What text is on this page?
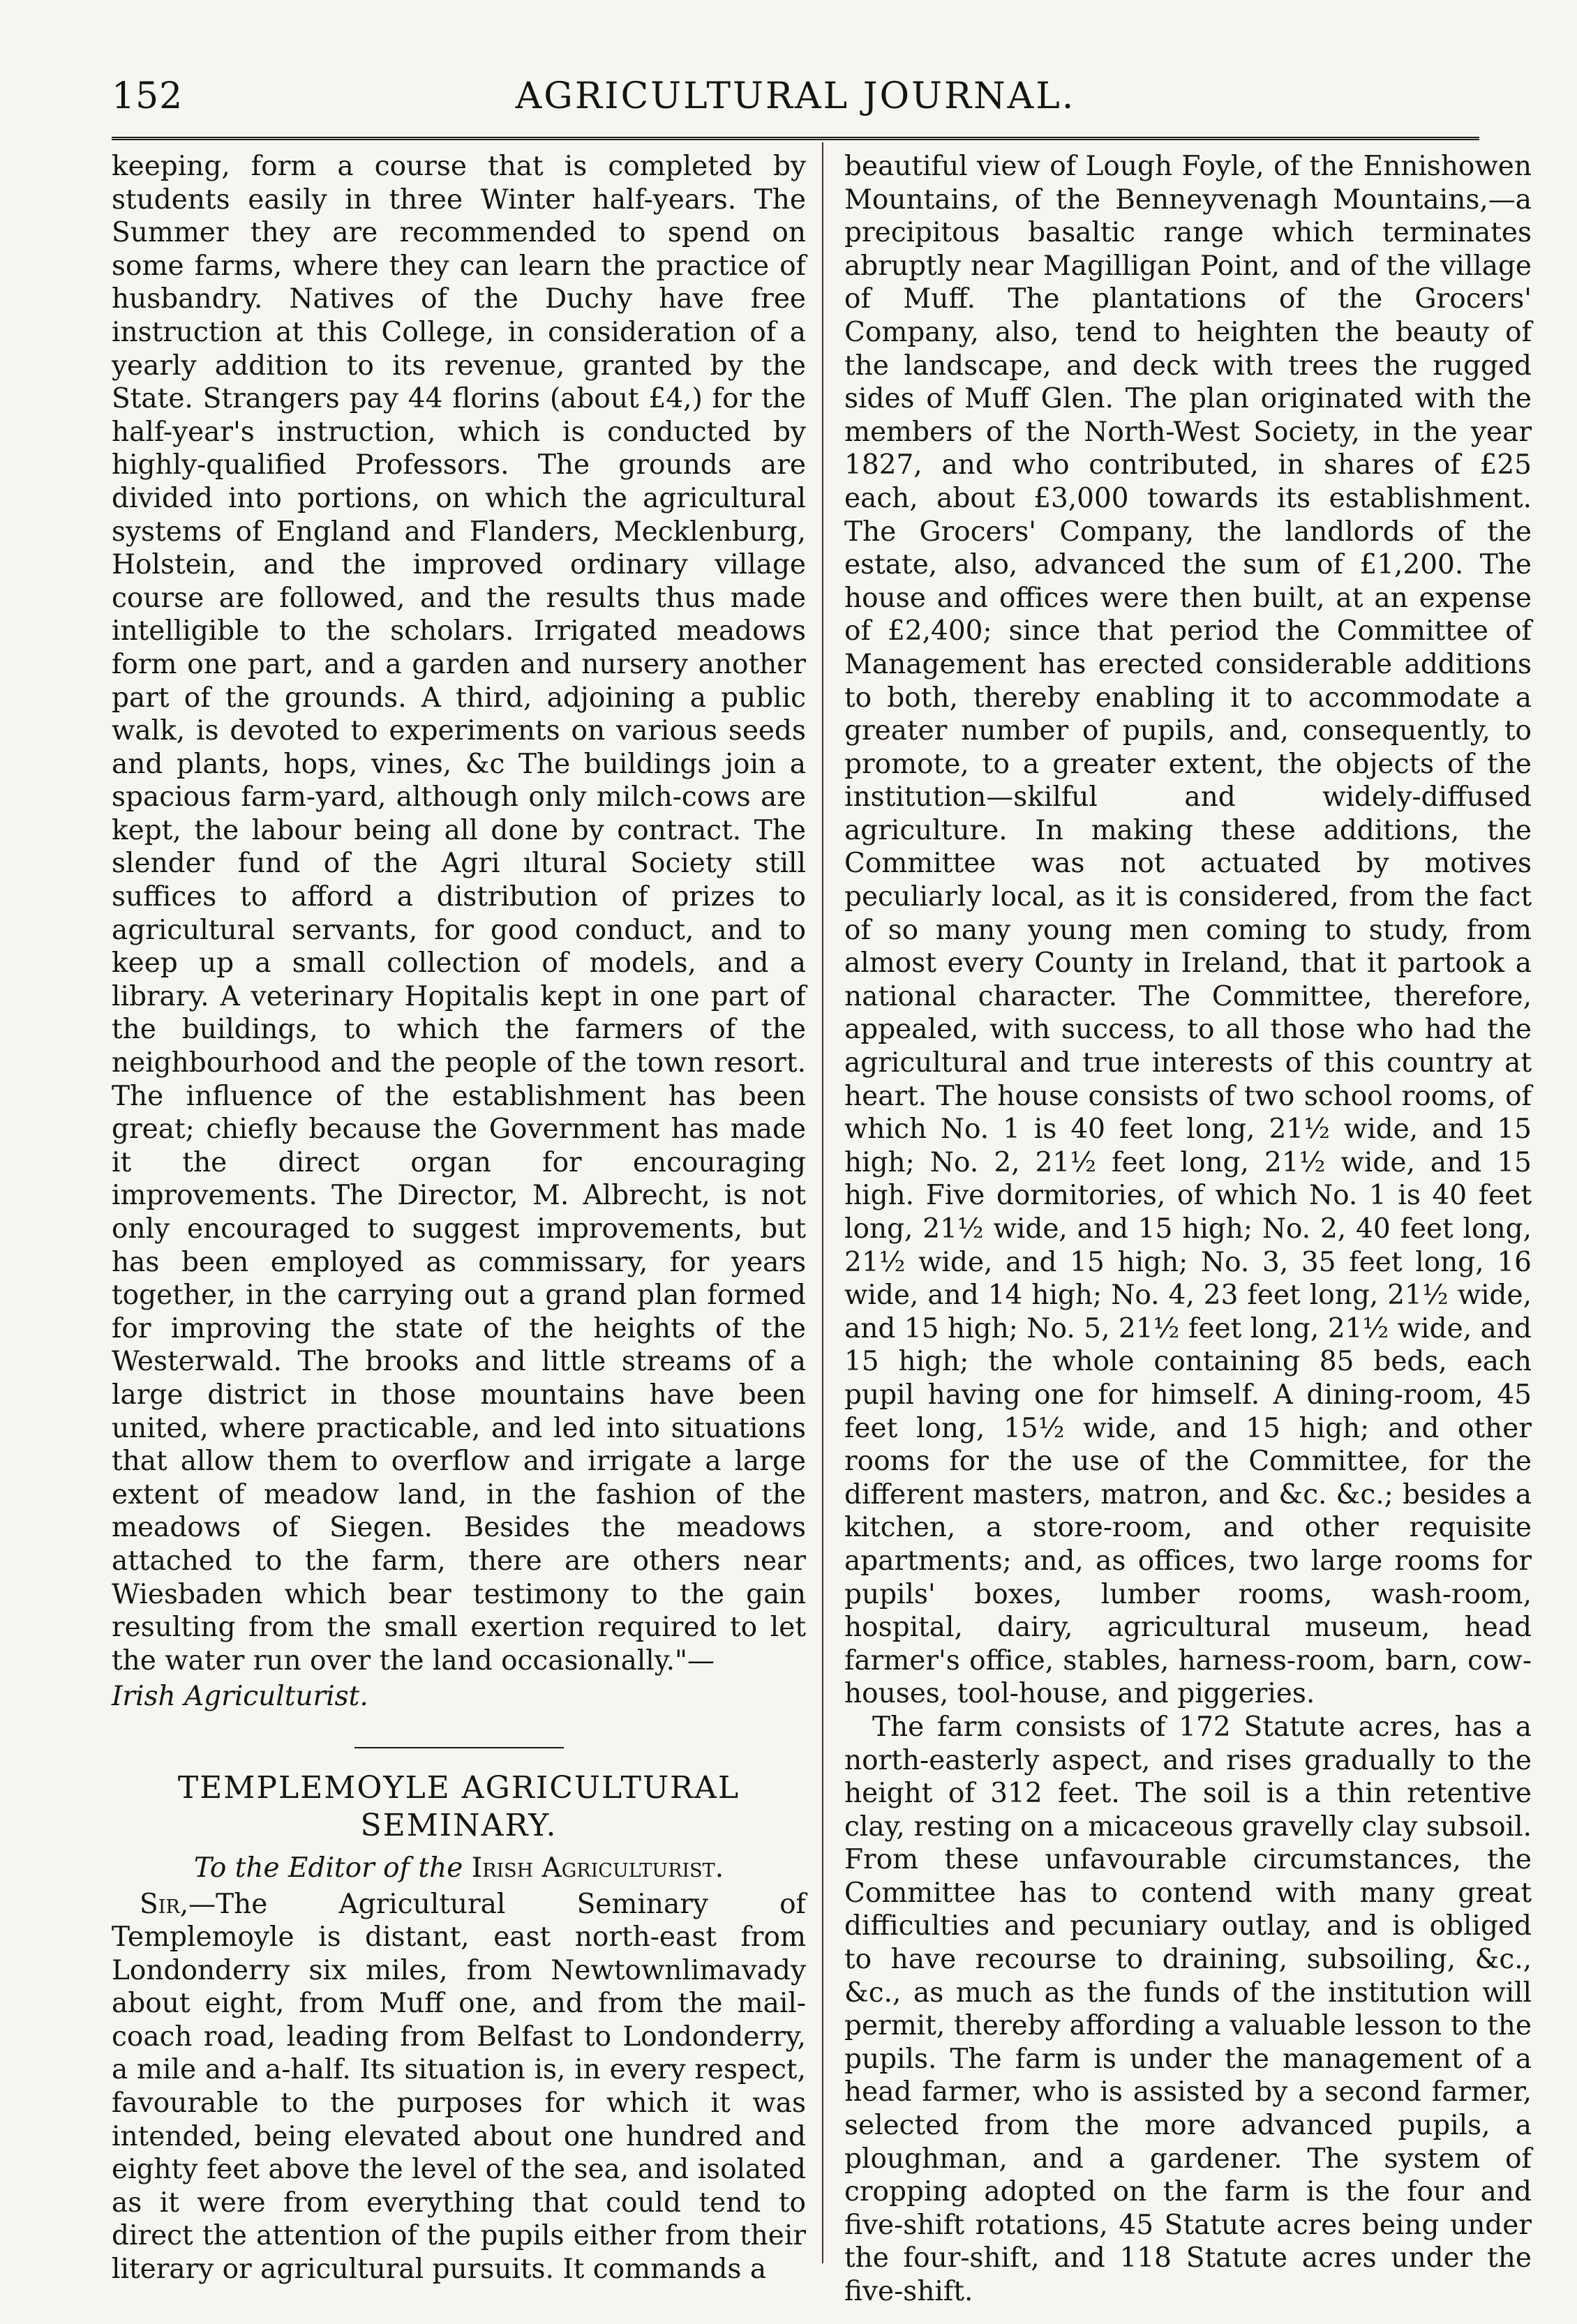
152	AGRICULTURAL JOURNAL.

keeping, form a course that is completed by students easily in three Winter half-years. The Summer they are recommended to spend on some farms, where they can learn the practice of husbandry. Natives of the Duchy have free instruction at this College, in consideration of a yearly addition to its revenue, granted by the State. Strangers pay 44 florins (about £4,) for the half-year's instruction, which is conducted by highly-qualified Professors. The grounds are divided into portions, on which the agricultural systems of England and Flanders, Mecklenburg, Holstein, and the improved ordinary village course are followed, and the results thus made intelligible to the scholars. Irrigated meadows form one part, and a garden and nursery another part of the grounds. A third, adjoining a public walk, is devoted to experiments on various seeds and plants, hops, vines, &c The buildings join a spacious farm-yard, although only milch-cows are kept, the labour being all done by contract. The slender fund of the Agri ıltural Society still suffices to afford a distribution of prizes to agricultural servants, for good conduct, and to keep up a small collection of models, and a library. A veterinary Hopitalis kept in one part of the buildings, to which the farmers of the neighbourhood and the people of the town resort. The influence of the establishment has been great; chiefly because the Government has made it the direct organ for encouraging improvements. The Director, M. Albrecht, is not only encouraged to suggest improvements, but has been employed as commissary, for years together, in the carrying out a grand plan formed for improving the state of the heights of the Westerwald. The brooks and little streams of a large district in those mountains have been united, where practicable, and led into situations that allow them to overflow and irrigate a large extent of meadow land, in the fashion of the meadows of Siegen. Besides the meadows attached to the farm, there are others near Wiesbaden which bear testimony to the gain resulting from the small exertion required to let the water run over the land occasionally."—

Irish Agriculturist.

TEMPLEMOYLE AGRICULTURAL SEMINARY.

To the Editor of the Irish Agriculturist.

Sir,—The Agricultural Seminary of Templemoyle is distant, east north-east from Londonderry six miles, from Newtownlimavady about eight, from Muff one, and from the mail-coach road, leading from Belfast to Londonderry, a mile and a-half. Its situation is, in every respect, favourable to the purposes for which it was intended, being elevated about one hundred and eighty feet above the level of the sea, and isolated as it were from everything that could tend to direct the attention of the pupils either from their literary or agricultural pursuits. It commands a

beautiful view of Lough Foyle, of the Ennishowen Mountains, of the Benneyvenagh Mountains,—a precipitous basaltic range which terminates abruptly near Magilligan Point, and of the village of Muff. The plantations of the Grocers' Company, also, tend to heighten the beauty of the landscape, and deck with trees the rugged sides of Muff Glen. The plan originated with the members of the North-West Society, in the year 1827, and who contributed, in shares of £25 each, about £3,000 towards its establishment. The Grocers' Company, the landlords of the estate, also, advanced the sum of £1,200. The house and offices were then built, at an expense of £2,400; since that period the Committee of Management has erected considerable additions to both, thereby enabling it to accommodate a greater number of pupils, and, consequently, to promote, to a greater extent, the objects of the institution—skilful and widely-diffused agriculture. In making these additions, the Committee was not actuated by motives peculiarly local, as it is considered, from the fact of so many young men coming to study, from almost every County in Ireland, that it partook a national character. The Committee, therefore, appealed, with success, to all those who had the agricultural and true interests of this country at heart. The house consists of two school rooms, of which No. 1 is 40 feet long, 21½ wide, and 15 high; No. 2, 21½ feet long, 21½ wide, and 15 high. Five dormitories, of which No. 1 is 40 feet long, 21½ wide, and 15 high; No. 2, 40 feet long, 21½ wide, and 15 high; No. 3, 35 feet long, 16 wide, and 14 high; No. 4, 23 feet long, 21½ wide, and 15 high; No. 5, 21½ feet long, 21½ wide, and 15 high; the whole containing 85 beds, each pupil having one for himself. A dining-room, 45 feet long, 15½ wide, and 15 high; and other rooms for the use of the Committee, for the different masters, matron, and &c. &c.; besides a kitchen, a store-room, and other requisite apartments; and, as offices, two large rooms for pupils' boxes, lumber rooms, wash-room, hospital, dairy, agricultural museum, head farmer's office, stables, harness-room, barn, cow-houses, tool-house, and piggeries.

The farm consists of 172 Statute acres, has a north-easterly aspect, and rises gradually to the height of 312 feet. The soil is a thin retentive clay, resting on a micaceous gravelly clay subsoil. From these unfavourable circumstances, the Committee has to contend with many great difficulties and pecuniary outlay, and is obliged to have recourse to draining, subsoiling, &c., &c., as much as the funds of the institution will permit, thereby affording a valuable lesson to the pupils. The farm is under the management of a head farmer, who is assisted by a second farmer, selected from the more advanced pupils, a ploughman, and a gardener. The system of cropping adopted on the farm is the four and five-shift rotations, 45 Statute acres being under the four-shift, and 118 Statute acres under the five-shift.
